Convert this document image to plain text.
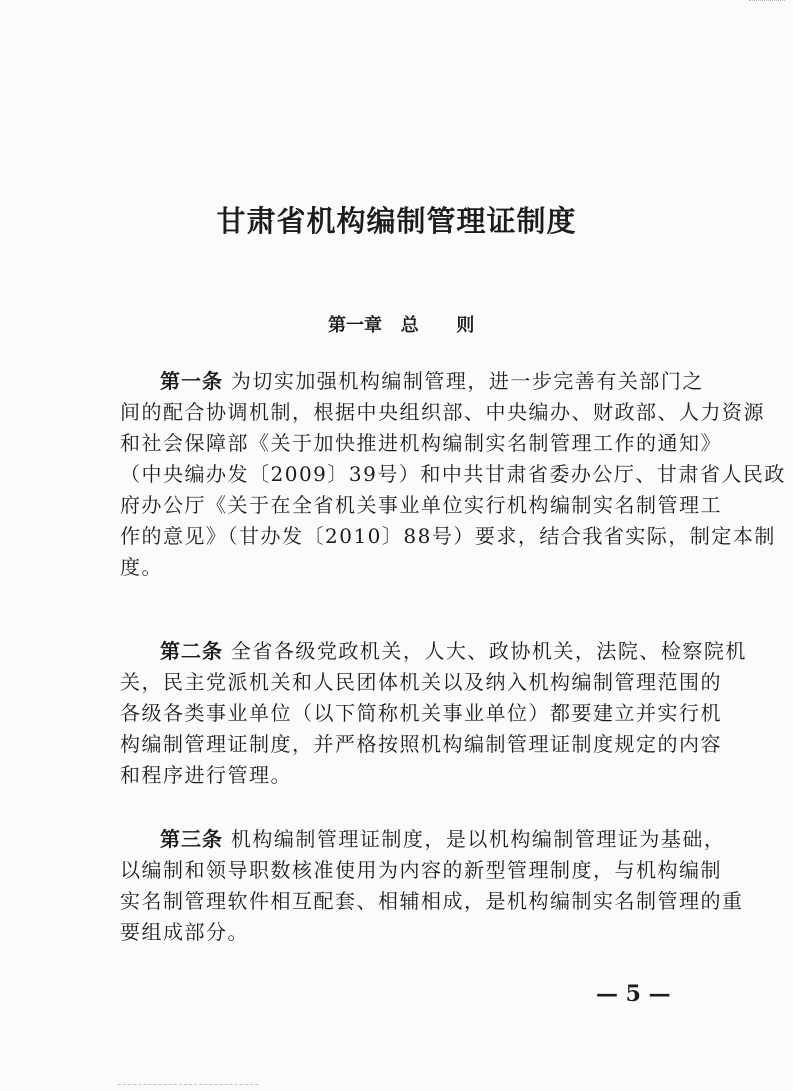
甘肃省机构编制管理证制度
第一章   总      则
第一条 为切实加强机构编制管理，进一步完善有关部门之
间的配合协调机制，根据中央组织部、中央编办、财政部、人力资源
和社会保障部《关于加快推进机构编制实名制管理工作的通知》
（中央编办发〔2009〕39号）和中共甘肃省委办公厅、甘肃省人民政
府办公厅《关于在全省机关事业单位实行机构编制实名制管理工
作的意见》（甘办发〔2010〕88号）要求，结合我省实际，制定本制
度。
第二条 全省各级党政机关，人大、政协机关，法院、检察院机
关，民主党派机关和人民团体机关以及纳入机构编制管理范围的
各级各类事业单位（以下简称机关事业单位）都要建立并实行机
构编制管理证制度，并严格按照机构编制管理证制度规定的内容
和程序进行管理。
第三条 机构编制管理证制度，是以机构编制管理证为基础，
以编制和领导职数核准使用为内容的新型管理制度，与机构编制
实名制管理软件相互配套、相辅相成，是机构编制实名制管理的重
要组成部分。
— 5 —
